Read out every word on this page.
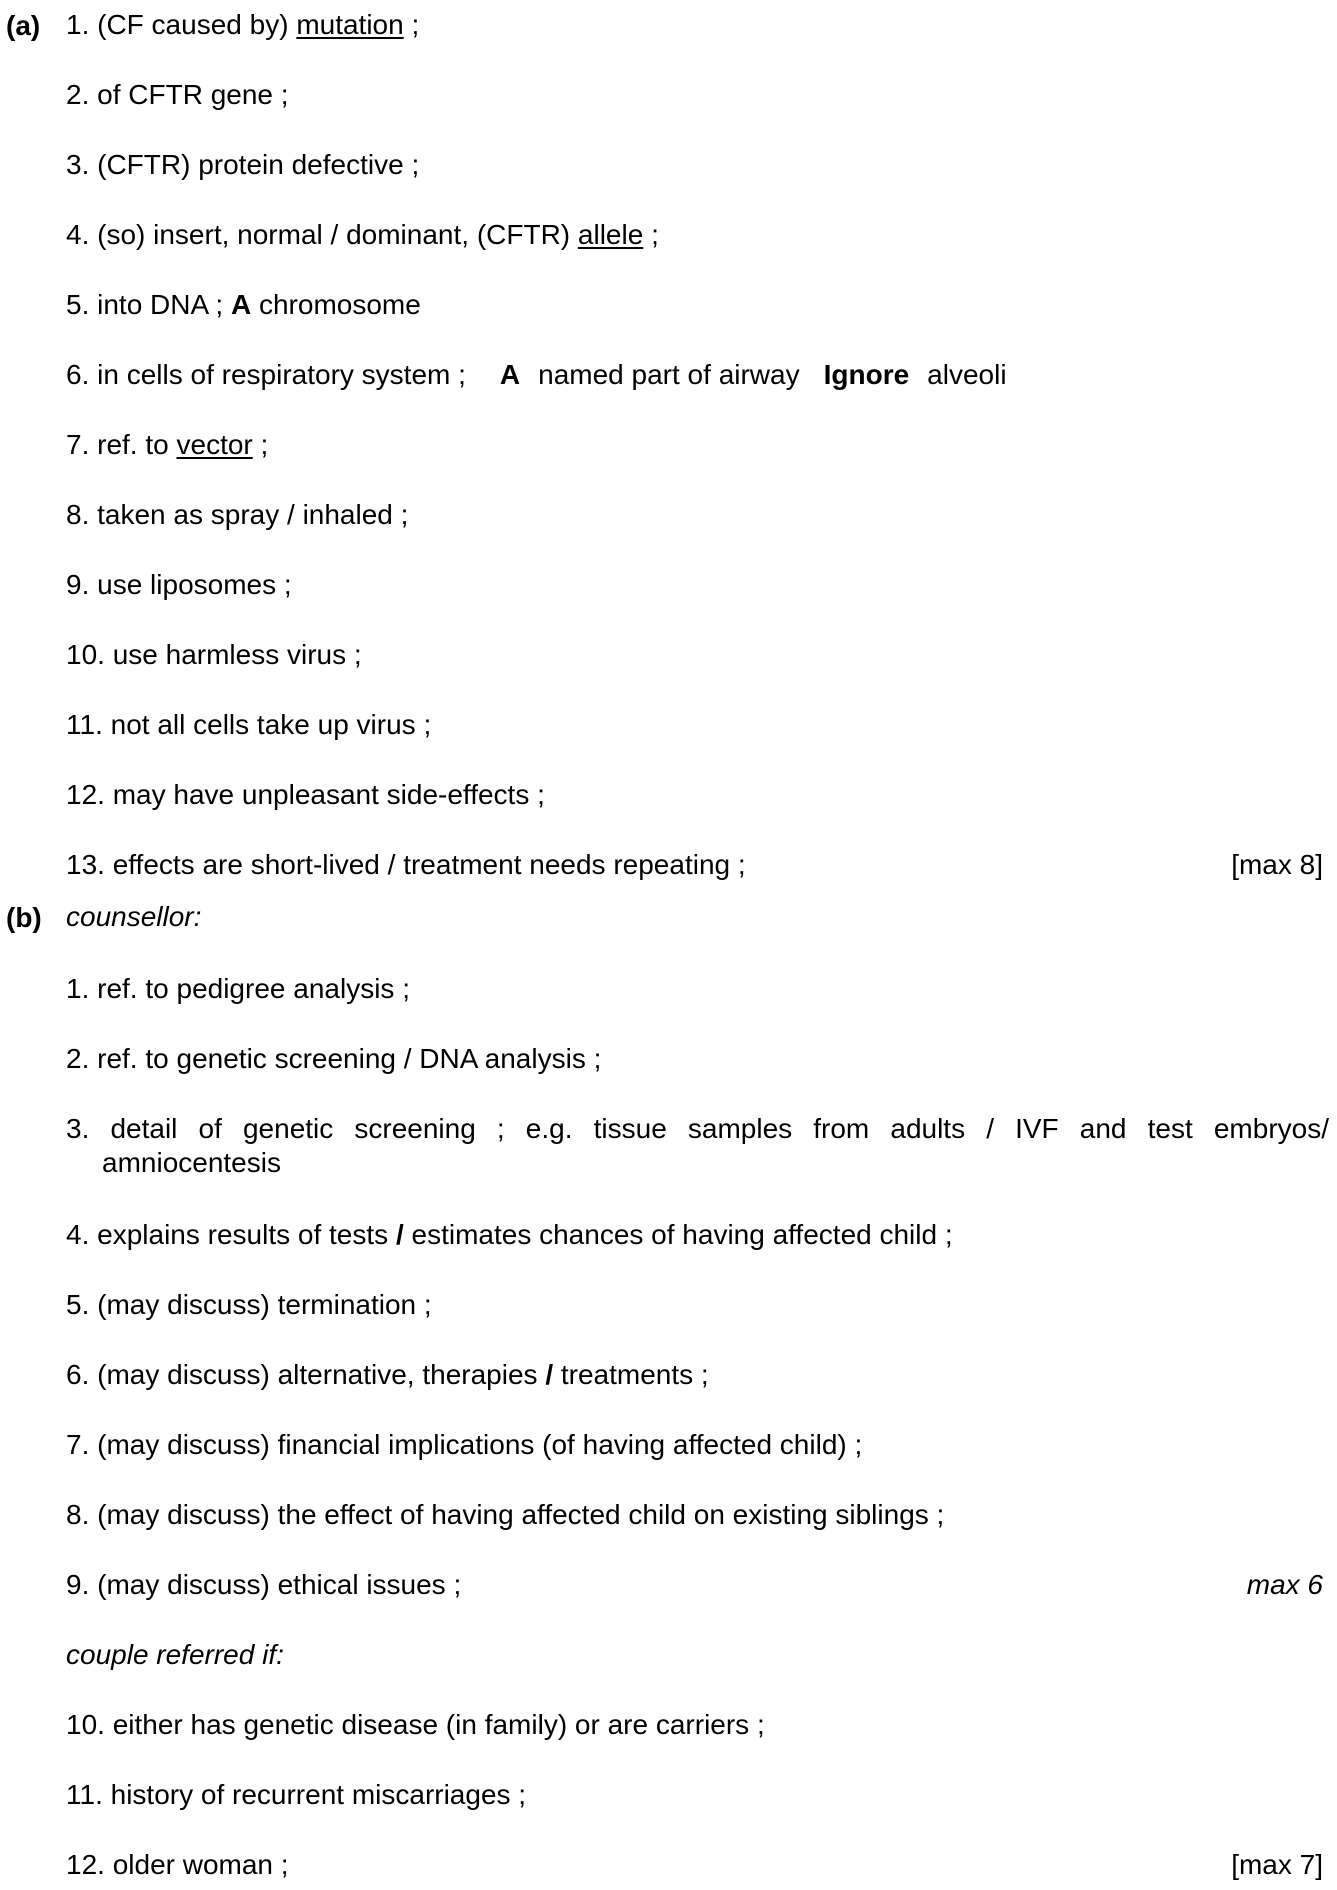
(a) 1. (CF caused by) mutation ;
2. of CFTR gene ;
3. (CFTR) protein defective ;
4. (so) insert, normal / dominant, (CFTR) allele ;
5. into DNA ; A chromosome
6. in cells of respiratory system ; A named part of airway Ignore alveoli
7. ref. to vector ;
8. taken as spray / inhaled ;
9. use liposomes ;
10. use harmless virus ;
11. not all cells take up virus ;
12. may have unpleasant side-effects ;
13. effects are short-lived / treatment needs repeating ;	[max 8]
(b) counsellor:
1. ref. to pedigree analysis ;
2. ref. to genetic screening / DNA analysis ;
3. detail of genetic screening ; e.g. tissue samples from adults / IVF and test embryos/
amniocentesis
4. explains results of tests / estimates chances of having affected child ;
5. (may discuss) termination ;
6. (may discuss) alternative, therapies / treatments ;
7. (may discuss) financial implications (of having affected child) ;
8. (may discuss) the effect of having affected child on existing siblings ;
9. (may discuss) ethical issues ;	max 6
couple referred if:
10. either has genetic disease (in family) or are carriers ;
11. history of recurrent miscarriages ;
12. older woman ;	[max 7]
